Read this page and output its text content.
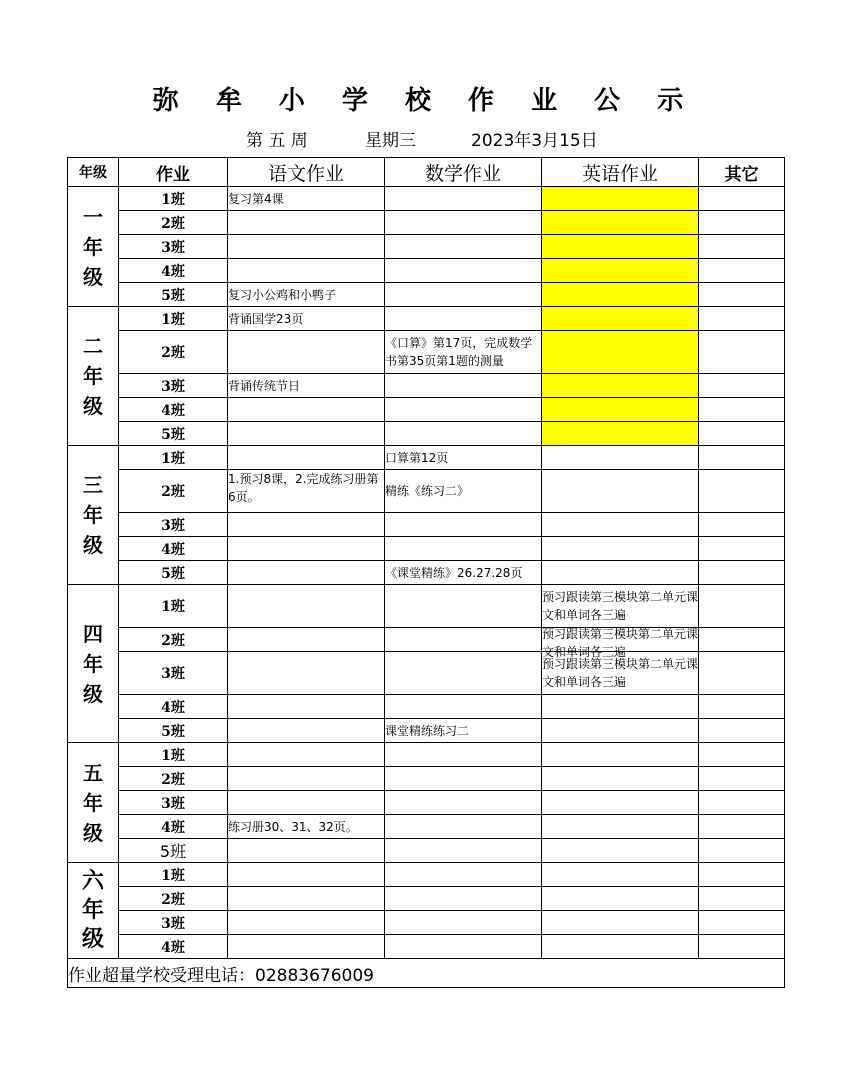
弥 牟 小 学 校 作 业 公 示
第 五 周	星期三	2023年3月15日
年级	作业	语文作业	数学作业	英语作业	其它

一
年
级	1班	复习第4课			
	2班				
	3班				
	4班				
	5班	复习小公鸡和小鸭子			

二
年
级	1班	背诵国学23页			
	2班		《口算》第17页，完成数学书第35页第1题的测量		
	3班	背诵传统节日			
	4班				
	5班				

三
年
级	1班		口算第12页		
	2班	1.预习8课，2.完成练习册第6页。	精练《练习二》		
	3班				
	4班				
	5班		《课堂精练》26.27.28页		

四
年
级	1班			预习跟读第三模块第二单元课文和单词各三遍	
	2班			预习跟读第三模块第二单元课文和单词各三遍	

	3班			预习跟读第三模块第二单元课文和单词各三遍	
	4班				
	5班		课堂精练练习二		

五
年
级	1班				
	2班				
	3班				
	4班	练习册30、31、32页。			
	5班				

六
年
级	1班				
	2班				
	3班				
	4班				
作业超量学校受理电话：02883676009					
